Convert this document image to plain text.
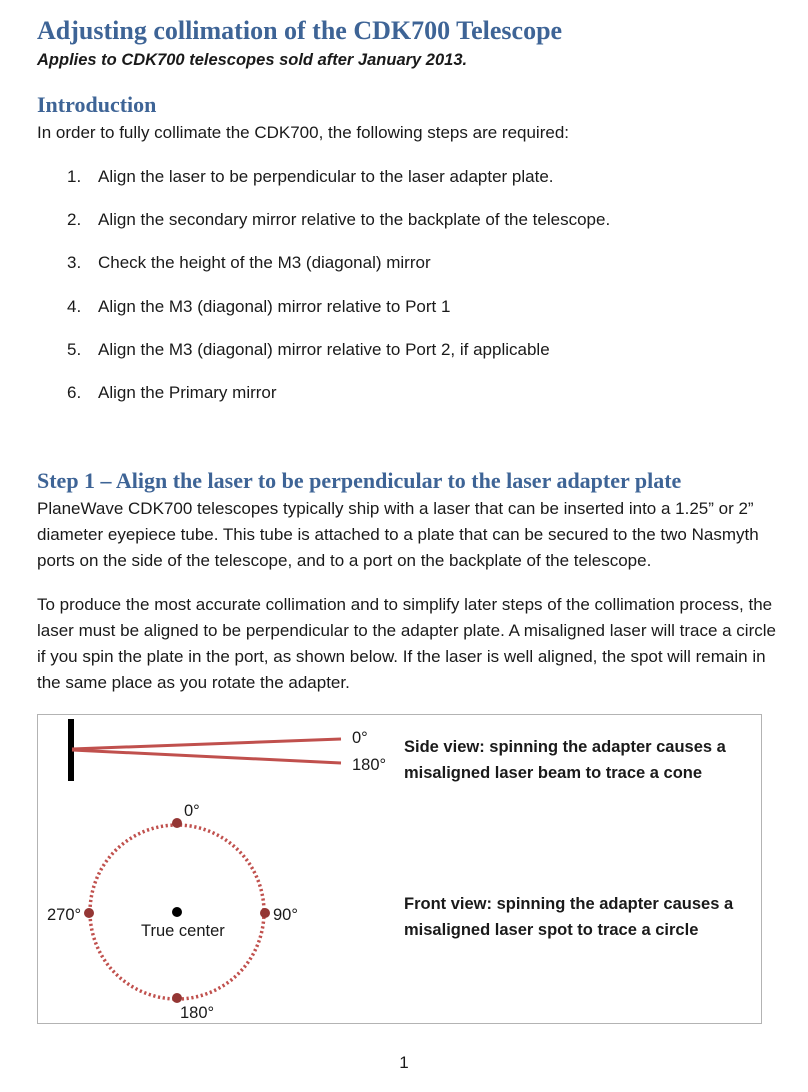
Adjusting collimation of the CDK700 Telescope

Applies to CDK700 telescopes sold after January 2013.

Introduction

In order to fully collimate the CDK700, the following steps are required:

1. Align the laser to be perpendicular to the laser adapter plate.
2. Align the secondary mirror relative to the backplate of the telescope.
3. Check the height of the M3 (diagonal) mirror
4. Align the M3 (diagonal) mirror relative to Port 1
5. Align the M3 (diagonal) mirror relative to Port 2, if applicable
6. Align the Primary mirror
Step 1 – Align the laser to be perpendicular to the laser adapter plate

PlaneWave CDK700 telescopes typically ship with a laser that can be inserted into a 1.25” or 2” diameter eyepiece tube. This tube is attached to a plate that can be secured to the two Nasmyth ports on the side of the telescope, and to a port on the backplate of the telescope.

To produce the most accurate collimation and to simplify later steps of the collimation process, the laser must be aligned to be perpendicular to the adapter plate. A misaligned laser will trace a circle if you spin the plate in the port, as shown below. If the laser is well aligned, the spot will remain in the same place as you rotate the adapter.

0°
180°
Side view: spinning the adapter causes a
misaligned laser beam to trace a cone
0°
90°
180°
270°
True center
Front view: spinning the adapter causes a
misaligned laser spot to trace a circle
1
